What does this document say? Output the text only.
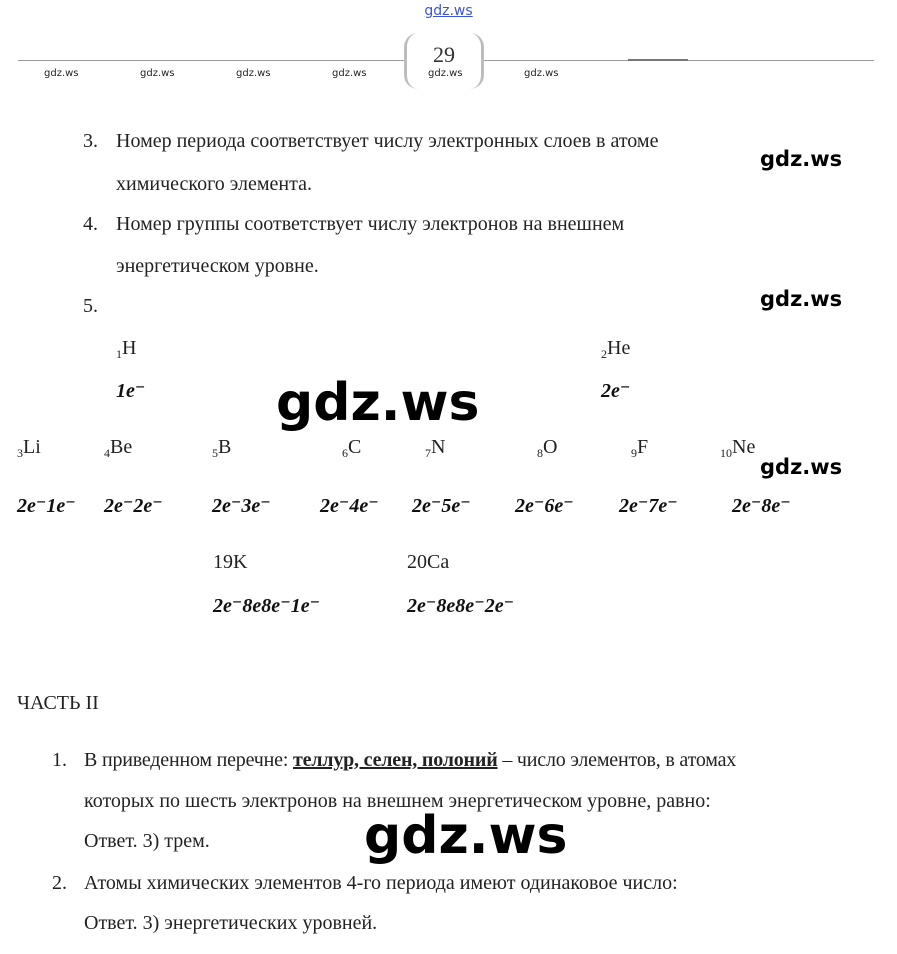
gdz.ws
29
gdz.ws	gdz.ws	gdz.ws	gdz.ws	gdz.ws	gdz.ws
3. Номер периода соответствует числу электронных слоев в атоме
химического элемента.
4. Номер группы соответствует числу электронов на внешнем
энергетическом уровне.
5.
gdz.ws
gdz.ws
gdz.ws
$_1$H
1e⁻
$_2$He
2e⁻
gdz.ws
$_3$Li
2e⁻1e⁻
$_4$Be
2e⁻2e⁻
$_5$B
2e⁻3e⁻
$_6$C
2e⁻4e⁻
$_7$N
2e⁻5e⁻
$_8$O
2e⁻6e⁻
$_9$F
2e⁻7e⁻
$_{10}$Ne
2e⁻8e⁻
19K
2e⁻8e8e⁻1e⁻
20Ca
2e⁻8e8e⁻2e⁻
ЧАСТЬ II
1. В приведенном перечне: теллур, селен, полоний – число элементов, в атомах
которых по шесть электронов на внешнем энергетическом уровне, равно:
Ответ. 3) трем.	gdz.ws
2. Атомы химических элементов 4-го периода имеют одинаковое число:
Ответ. 3) энергетических уровней.
